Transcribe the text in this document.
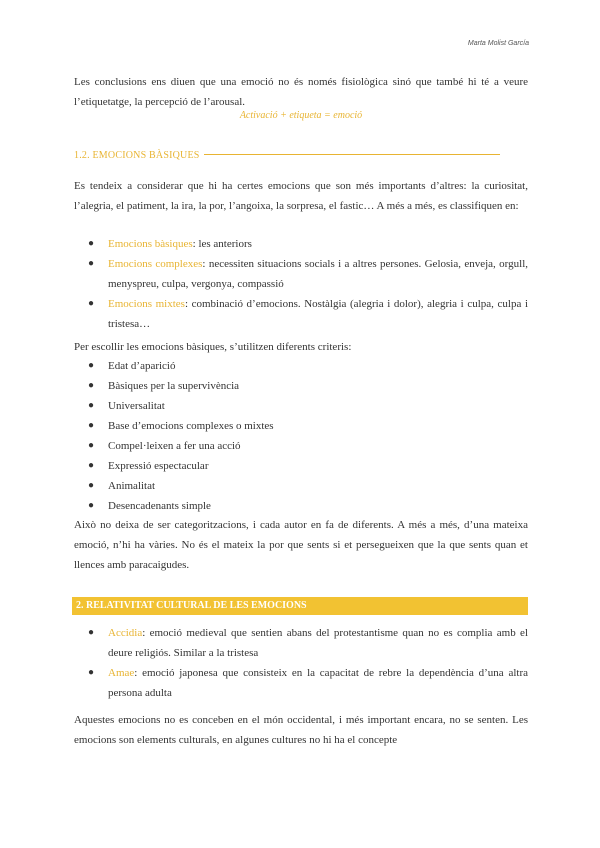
Marta Molist García

Les conclusions ens diuen que una emoció no és només fisiològica sinó que també hi té a veure l’etiquetatge, la percepció de l’arousal.

Activació + etiqueta = emoció
1.2. EMOCIONS BÀSIQUES

Es tendeix a considerar que hi ha certes emocions que son més importants d’altres: la curiositat, l’alegria, el patiment, la ira, la por, l’angoixa, la sorpresa, el fastic… A més a més, es classifiquen en:

● Emocions bàsiques: les anteriors
● Emocions complexes: necessiten situacions socials i a altres persones. Gelosia, enveja, orgull, menyspreu, culpa, vergonya, compassió
● Emocions mixtes: combinació d’emocions. Nostàlgia (alegria i dolor), alegria i culpa, culpa i tristesa…

Per escollir les emocions bàsiques, s’utilitzen diferents criteris:

● Edat d’aparició
● Bàsiques per la supervivència
● Universalitat
● Base d’emocions complexes o mixtes
● Compel·leixen a fer una acció
● Expressió espectacular
● Animalitat
● Desencadenants simple

Això no deixa de ser categoritzacions, i cada autor en fa de diferents. A més a més, d’una mateixa emoció, n’hi ha vàries. No és el mateix la por que sents si et persegueixen que la que sents quan et llences amb paracaigudes.

2. RELATIVITAT CULTURAL DE LES EMOCIONS
● Accidia: emoció medieval que sentien abans del protestantisme quan no es complia amb el deure religiós. Similar a la tristesa
● Amae: emoció japonesa que consisteix en la capacitat de rebre la dependència d’una altra persona adulta

Aquestes emocions no es conceben en el món occidental, i més important encara, no se senten. Les emocions son elements culturals, en algunes cultures no hi ha el concepte
